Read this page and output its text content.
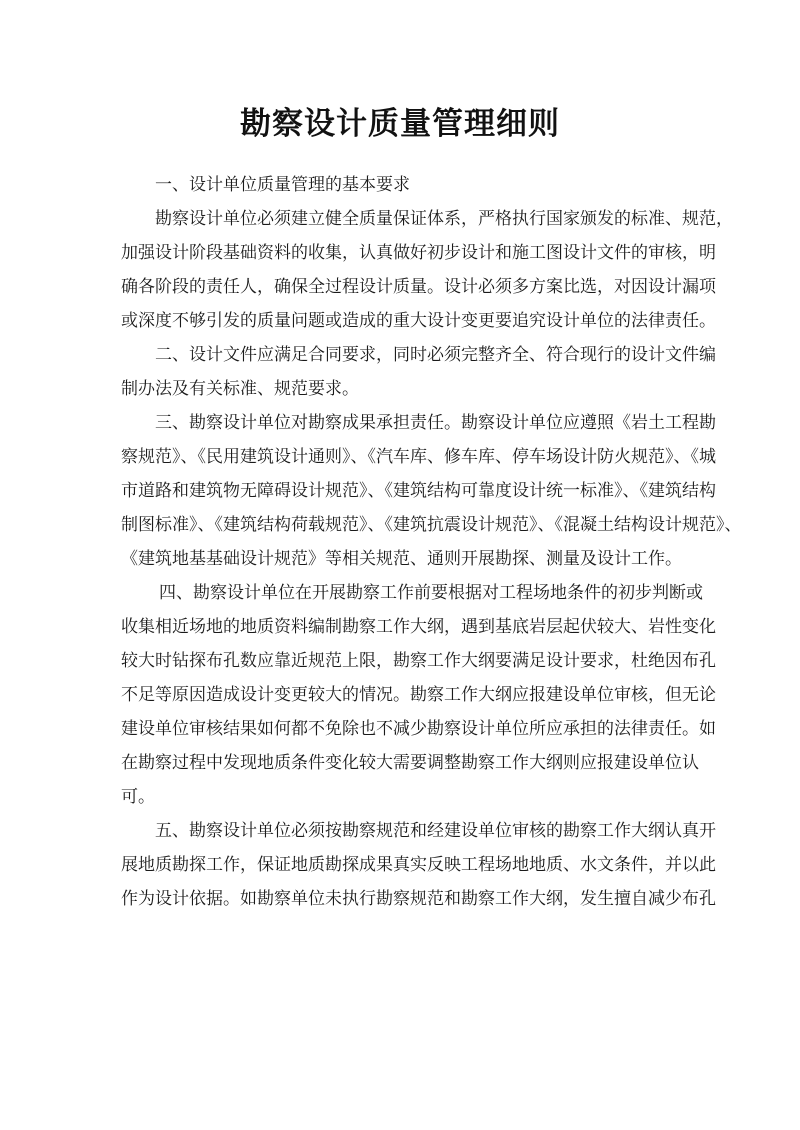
勘察设计质量管理细则
一、设计单位质量管理的基本要求
勘察设计单位必须建立健全质量保证体系，严格执行国家颁发的标准、规范，
加强设计阶段基础资料的收集，认真做好初步设计和施工图设计文件的审核，明
确各阶段的责任人，确保全过程设计质量。设计必须多方案比选，对因设计漏项
或深度不够引发的质量问题或造成的重大设计变更要追究设计单位的法律责任。
二、设计文件应满足合同要求，同时必须完整齐全、符合现行的设计文件编
制办法及有关标准、规范要求。
三、勘察设计单位对勘察成果承担责任。勘察设计单位应遵照《岩土工程勘
察规范》、《民用建筑设计通则》、《汽车库、修车库、停车场设计防火规范》、《城
市道路和建筑物无障碍设计规范》、《建筑结构可靠度设计统一标准》、《建筑结构
制图标准》、《建筑结构荷载规范》、《建筑抗震设计规范》、《混凝土结构设计规范》、
《建筑地基基础设计规范》等相关规范、通则开展勘探、测量及设计工作。
四、勘察设计单位在开展勘察工作前要根据对工程场地条件的初步判断或
收集相近场地的地质资料编制勘察工作大纲，遇到基底岩层起伏较大、岩性变化
较大时钻探布孔数应靠近规范上限，勘察工作大纲要满足设计要求，杜绝因布孔
不足等原因造成设计变更较大的情况。勘察工作大纲应报建设单位审核，但无论
建设单位审核结果如何都不免除也不减少勘察设计单位所应承担的法律责任。如
在勘察过程中发现地质条件变化较大需要调整勘察工作大纲则应报建设单位认
可。
五、勘察设计单位必须按勘察规范和经建设单位审核的勘察工作大纲认真开
展地质勘探工作，保证地质勘探成果真实反映工程场地地质、水文条件，并以此
作为设计依据。如勘察单位未执行勘察规范和勘察工作大纲，发生擅自减少布孔
